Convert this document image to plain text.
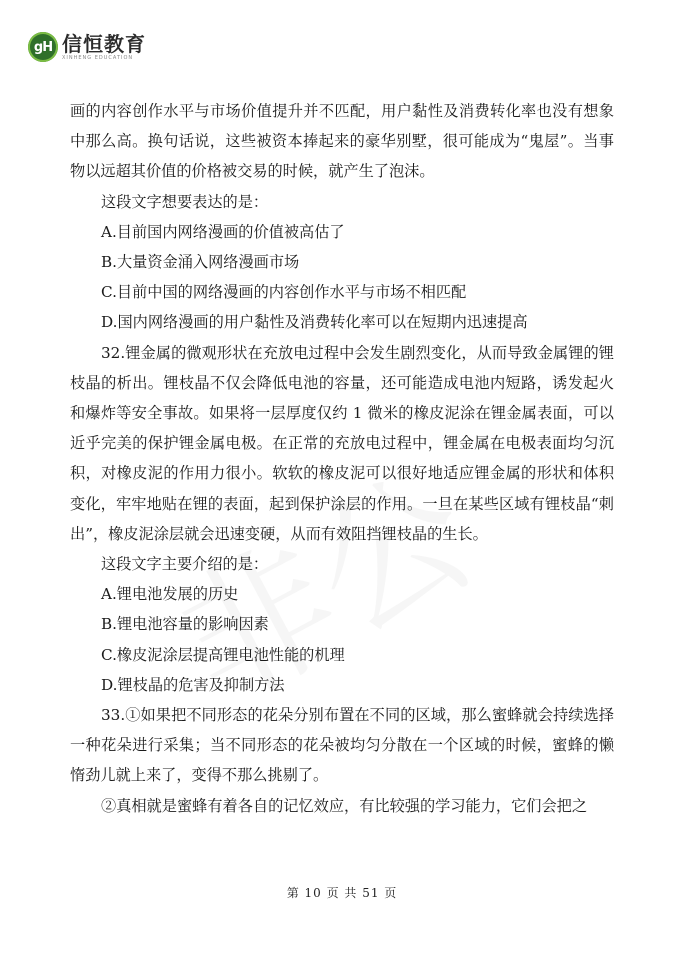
gH 信恒教育
XINHENG EDUCATION

画的内容创作水平与市场价值提升并不匹配，用户黏性及消费转化率也没有想象中那么高。换句话说，这些被资本捧起来的豪华别墅，很可能成为“鬼屋”。当事物以远超其价值的价格被交易的时候，就产生了泡沫。

这段文字想要表达的是：

A.目前国内网络漫画的价值被高估了

B.大量资金涌入网络漫画市场

C.目前中国的网络漫画的内容创作水平与市场不相匹配

D.国内网络漫画的用户黏性及消费转化率可以在短期内迅速提高

32.锂金属的微观形状在充放电过程中会发生剧烈变化，从而导致金属锂的锂枝晶的析出。锂枝晶不仅会降低电池的容量，还可能造成电池内短路，诱发起火和爆炸等安全事故。如果将一层厚度仅约 1 微米的橡皮泥涂在锂金属表面，可以近乎完美的保护锂金属电极。在正常的充放电过程中，锂金属在电极表面均匀沉积，对橡皮泥的作用力很小。软软的橡皮泥可以很好地适应锂金属的形状和体积变化，牢牢地贴在锂的表面，起到保护涂层的作用。一旦在某些区域有锂枝晶“刺出”，橡皮泥涂层就会迅速变硬，从而有效阻挡锂枝晶的生长。

这段文字主要介绍的是：

A.锂电池发展的历史

B.锂电池容量的影响因素

C.橡皮泥涂层提高锂电池性能的机理

D.锂枝晶的危害及抑制方法

33.①如果把不同形态的花朵分别布置在不同的区域，那么蜜蜂就会持续选择一种花朵进行采集；当不同形态的花朵被均匀分散在一个区域的时候，蜜蜂的懒惰劲儿就上来了，变得不那么挑剔了。

②真相就是蜜蜂有着各自的记忆效应，有比较强的学习能力，它们会把之

第 10 页 共 51 页
